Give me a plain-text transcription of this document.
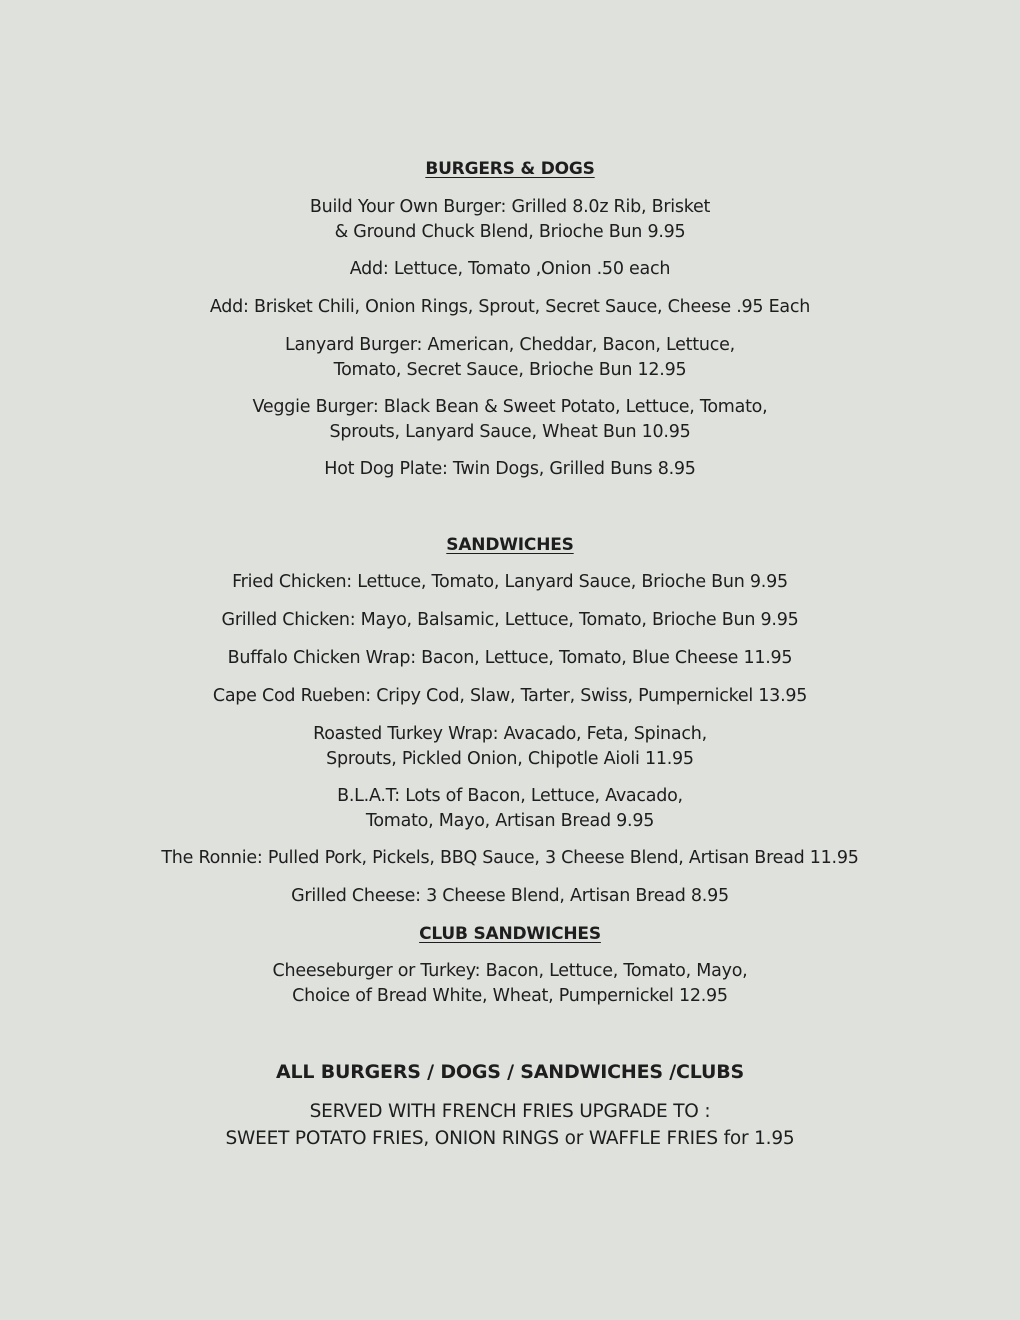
BURGERS & DOGS
Build Your Own Burger: Grilled 8.0z Rib, Brisket
& Ground Chuck Blend, Brioche Bun 9.95
Add: Lettuce, Tomato ,Onion .50 each
Add: Brisket Chili, Onion Rings, Sprout, Secret Sauce, Cheese .95 Each
Lanyard Burger: American, Cheddar, Bacon, Lettuce,
Tomato, Secret Sauce, Brioche Bun 12.95
Veggie Burger: Black Bean & Sweet Potato, Lettuce, Tomato,
Sprouts, Lanyard Sauce, Wheat Bun 10.95
Hot Dog Plate: Twin Dogs, Grilled Buns 8.95
SANDWICHES
Fried Chicken: Lettuce, Tomato, Lanyard Sauce, Brioche Bun 9.95
Grilled Chicken: Mayo, Balsamic, Lettuce, Tomato, Brioche Bun 9.95
Buffalo Chicken Wrap: Bacon, Lettuce, Tomato, Blue Cheese 11.95
Cape Cod Rueben: Cripy Cod, Slaw, Tarter, Swiss, Pumpernickel 13.95
Roasted Turkey Wrap: Avacado, Feta, Spinach,
Sprouts, Pickled Onion, Chipotle Aioli 11.95
B.L.A.T: Lots of Bacon, Lettuce, Avacado,
Tomato, Mayo, Artisan Bread 9.95
The Ronnie: Pulled Pork, Pickels, BBQ Sauce, 3 Cheese Blend, Artisan Bread 11.95
Grilled Cheese: 3 Cheese Blend, Artisan Bread 8.95
CLUB SANDWICHES
Cheeseburger or Turkey: Bacon, Lettuce, Tomato, Mayo,
Choice of Bread White, Wheat, Pumpernickel 12.95
ALL BURGERS / DOGS / SANDWICHES /CLUBS
SERVED WITH FRENCH FRIES UPGRADE TO :
SWEET POTATO FRIES, ONION RINGS or WAFFLE FRIES for 1.95
